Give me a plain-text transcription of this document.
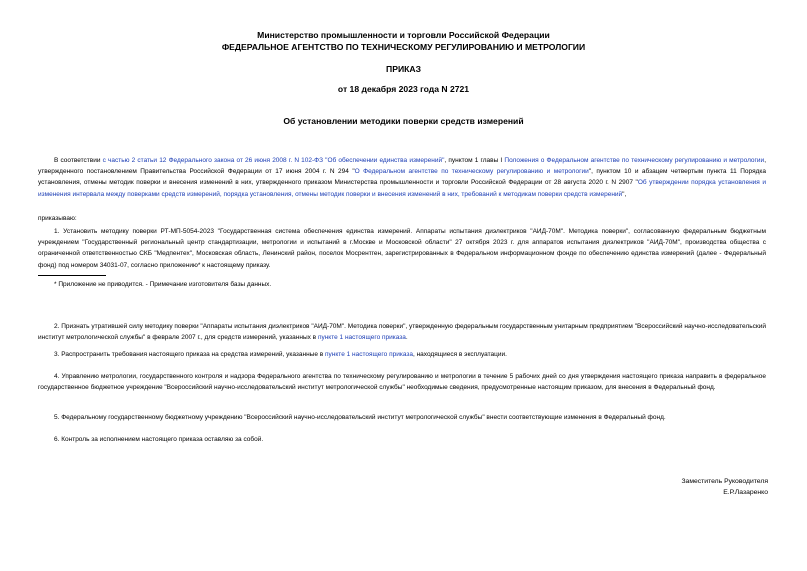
Министерство промышленности и торговли Российской Федерации
ФЕДЕРАЛЬНОЕ АГЕНТСТВО ПО ТЕХНИЧЕСКОМУ РЕГУЛИРОВАНИЮ И МЕТРОЛОГИИ
ПРИКАЗ
от 18 декабря 2023 года N 2721
Об установлении методики поверки средств измерений
В соответствии с частью 2 статьи 12 Федерального закона от 26 июня 2008 г. N 102-ФЗ "Об обеспечении единства измерений", пунктом 1 главы I Положения о Федеральном агентстве по техническому регулированию и метрологии, утвержденного постановлением Правительства Российской Федерации от 17 июня 2004 г. N 294 "О Федеральном агентстве по техническому регулированию и метрологии", пунктом 10 и абзацем четвертым пункта 11 Порядка установления, отмены методик поверки и внесения изменений в них, утвержденного приказом Министерства промышленности и торговли Российской Федерации от 28 августа 2020 г. N 2907 "Об утверждении порядка установления и изменения интервала между поверками средств измерений, порядка установления, отмены методик поверки и внесения изменений в них, требований к методикам поверки средств измерений",
приказываю:
1. Установить методику поверки РТ-МП-5054-2023 "Государственная система обеспечения единства измерений. Аппараты испытания диэлектриков "АИД-70М". Методика поверки", согласованную федеральным бюджетным учреждением "Государственный региональный центр стандартизации, метрологии и испытаний в г.Москве и Московской области" 27 октября 2023 г. для аппаратов испытания диэлектриков "АИД-70М", производства общества с ограниченной ответственностью СКБ "Медпентех", Московская область, Ленинский район, поселок Мосрентген, зарегистрированных в Федеральном информационном фонде по обеспечению единства измерений (далее - Федеральный фонд) под номером 34031-07, согласно приложению* к настоящему приказу.
* Приложение не приводится. - Примечание изготовителя базы данных.
2. Признать утратившей силу методику поверки "Аппараты испытания диэлектриков "АИД-70М". Методика поверки", утвержденную федеральным государственным унитарным предприятием "Всероссийский научно-исследовательский институт метрологической службы" в феврале 2007 г., для средств измерений, указанных в пункте 1 настоящего приказа.
3. Распространить требования настоящего приказа на средства измерений, указанные в пункте 1 настоящего приказа, находящиеся в эксплуатации.
4. Управлению метрологии, государственного контроля и надзора Федерального агентства по техническому регулированию и метрологии в течение 5 рабочих дней со дня утверждения настоящего приказа направить в федеральное государственное бюджетное учреждение "Всероссийский научно-исследовательский институт метрологической службы" необходимые сведения, предусмотренные настоящим приказом, для внесения в Федеральный фонд.
5. Федеральному государственному бюджетному учреждению "Всероссийский научно-исследовательский институт метрологической службы" внести соответствующие изменения в Федеральный фонд.
6. Контроль за исполнением настоящего приказа оставляю за собой.
Заместитель Руководителя
Е.Р.Лазаренко
